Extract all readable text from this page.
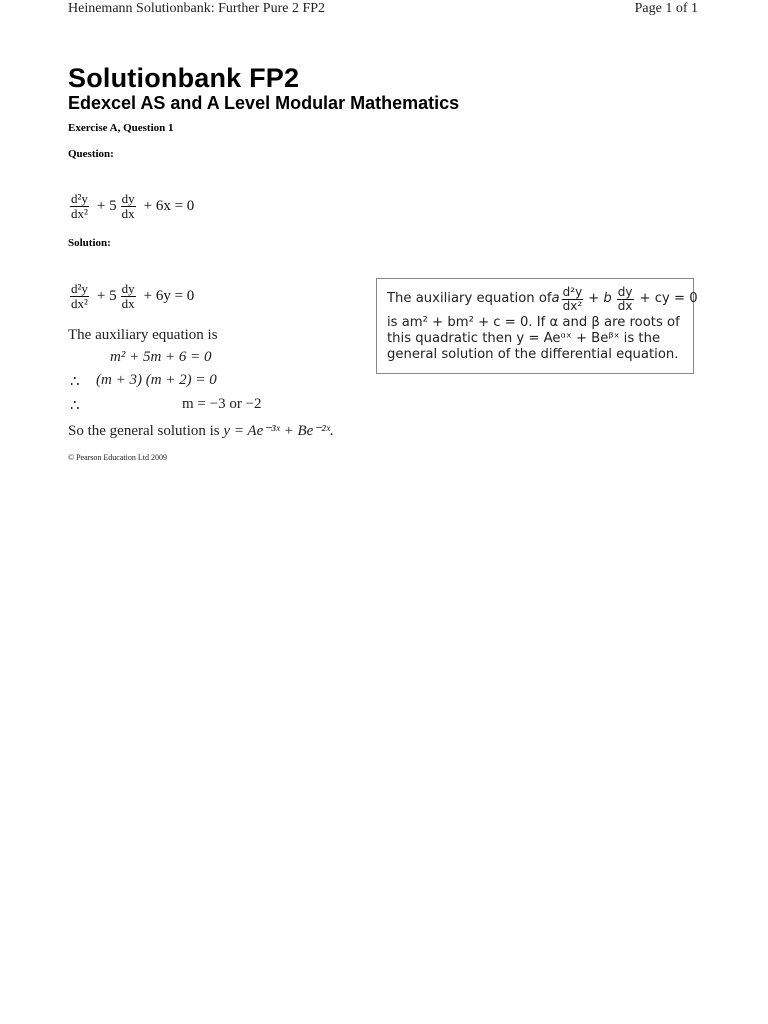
Heinemann Solutionbank: Further Pure 2 FP2	Page 1 of 1
Solutionbank FP2
Edexcel AS and A Level Modular Mathematics
Exercise A, Question 1
Question:
$\frac{\text{d²y}}{\text{dx²}} + 5 \frac{dy}{dx} + 6x = 0$
Solution:
$\frac{\text{d²y}}{\text{dx²}} + 5 \frac{dy}{dx} + 6y = 0$
The auxiliary equation is
m² + 5m + 6 = 0
∴ (m + 3) (m + 2) = 0
∴	m = −3 or −2
So the general solution is y = Ae⁻³ˣ + Be⁻²ˣ.
The auxiliary equation of a $\frac{\text{d²y}}{\text{dx²}} + b \frac{dy}{dx}$ + cy = 0
is am² + bm² + c = 0. If α and β are roots of
this quadratic then y = Aeᵅˣ + Beᵝˣ is the
general solution of the differential equation.
© Pearson Education Ltd 2009
